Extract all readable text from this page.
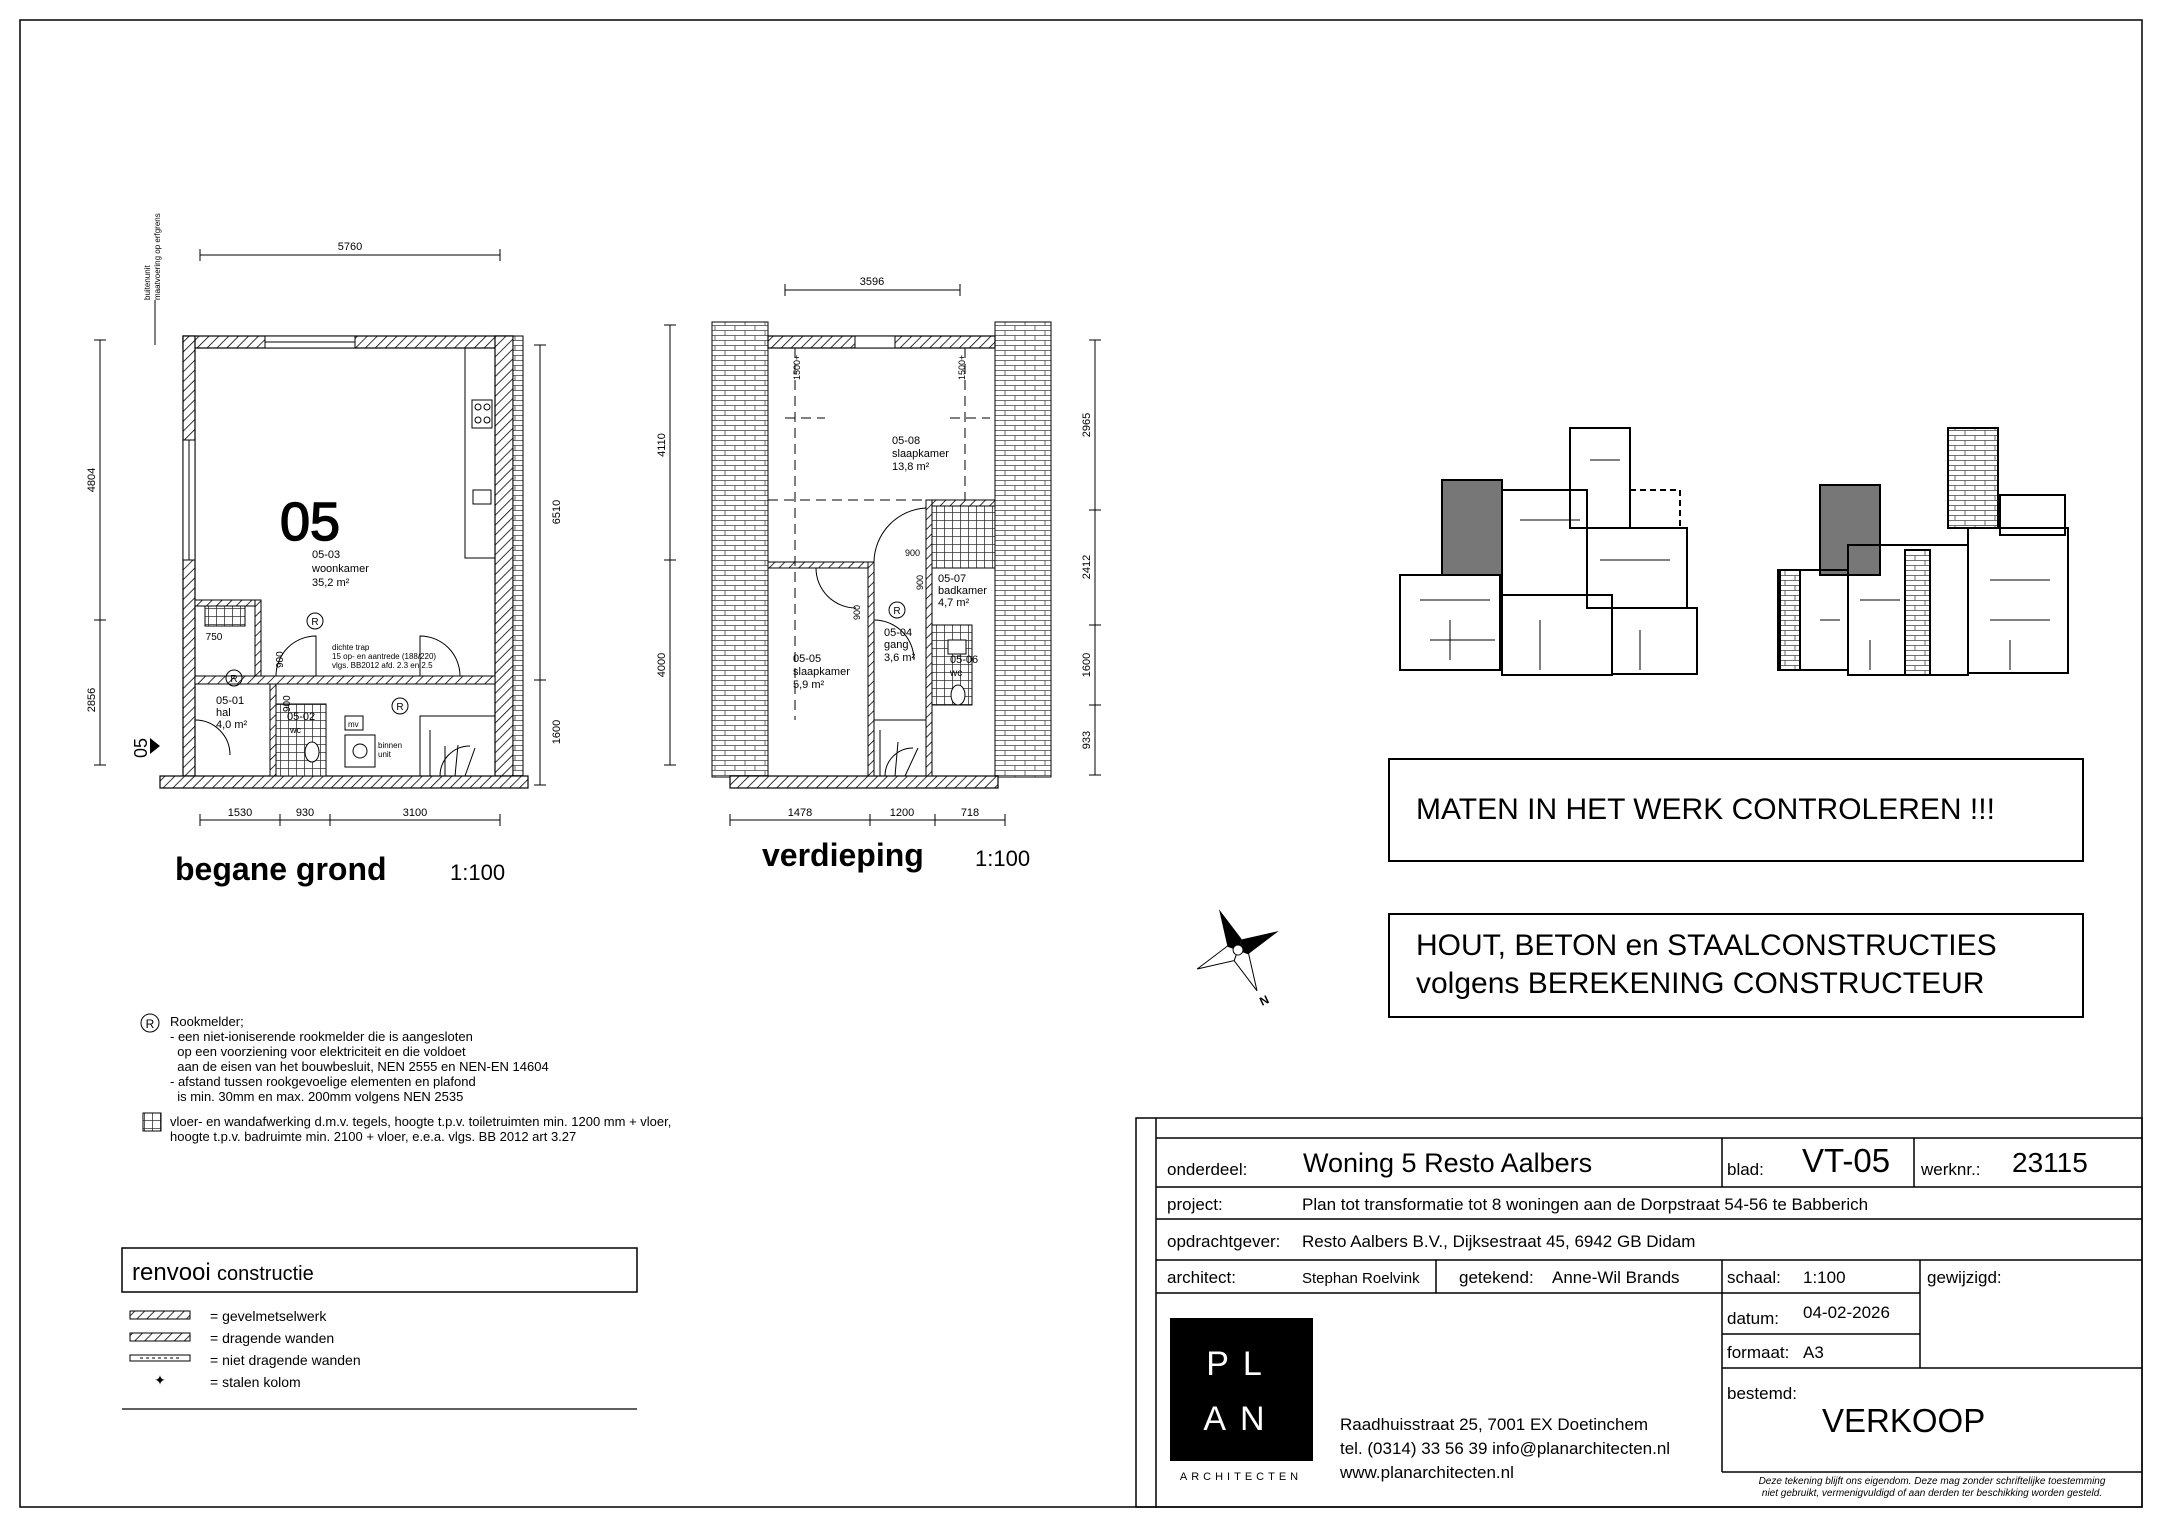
5760
4804
2856
6510
1600
1530	930	3100
750
900
900
buitenunitmaatvoering op erfgrens
05
05
05-03
woonkamer
35,2 m²
05-01
hal
4,0 m²
05-02
wc
dichte trap 15 op- en aantrede (188/220) vlgs. BB2012 afd. 2.3 en 2.5
mv
binnen unit
R
R
R
begane grond	1:100
3596
4110
4000
2965
2412
1600
933
1478	1200	718
1500+	1500+
900
900
900
05-08
slaapkamer
13,8 m²
05-07
badkamer
4,7 m²
05-04
gang
3,6 m²	05-06
wc
05-05
slaapkamer
5,9 m²
R
verdieping 1:100
N
R
✦
renvooi constructie
= gevelmetselwerk
= dragende wanden
= niet dragende wanden
= stalen kolom	PL
AN
ARCHITECTEN
onderdeel: Woning 5 Resto Aalbers	blad: VT-05 werknr.: 23115
project:	Plan tot transformatie tot 8 woningen aan de Dorpstraat 54-56 te Babberich
opdrachtgever: Resto Aalbers B.V., Dijksestraat 45, 6942 GB Didam
architect:	Stephan Roelvink getekend: Anne-Wil Brands	schaal: 1:100	gewijzigd:
datum: 04-02-2026
formaat: A3
bestemd:
VERKOOP
Raadhuisstraat 25, 7001 EX Doetinchem
tel. (0314) 33 56 39 info@planarchitecten.nl
www.planarchitecten.nl	Deze tekening blijft ons eigendom. Deze mag zonder schriftelijke toestemming niet gebruikt, vermenigvuldigd of aan derden ter beschikking worden gesteld.
MATEN IN HET WERK CONTROLEREN !!!
HOUT, BETON en STAALCONSTRUCTIES
volgens BEREKENING CONSTRUCTEUR
Rookmelder;
- een niet-ioniserende rookmelder die is aangesloten
op een voorziening voor elektriciteit en die voldoet
aan de eisen van het bouwbesluit, NEN 2555 en NEN-EN 14604
- afstand tussen rookgevoelige elementen en plafond
is min. 30mm en max. 200mm volgens NEN 2535
vloer- en wandafwerking d.m.v. tegels, hoogte t.p.v. toiletruimten min. 1200 mm + vloer,
hoogte t.p.v. badruimte min. 2100 + vloer, e.e.a. vlgs. BB 2012 art 3.27
